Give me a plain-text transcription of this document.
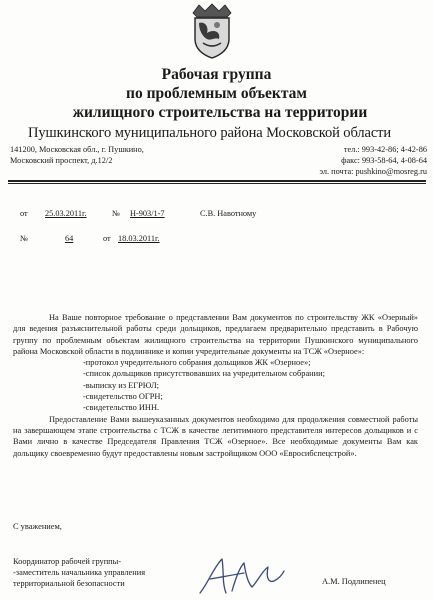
Рабочая группа
по проблемным объектам
жилищного строительства на территории
Пушкинского муниципального района Московской области
141200, Московская обл., г. Пушкино,
Московский проспект, д.12/2
тел.: 993-42-86; 4-42-86
факс: 993-58-64, 4-08-64
эл. почта: pushkino@mosreg.ru
от 25.03.2011г.	№ Н-903/1-7	С.В. Навотному
№	64	от 18.03.2011г.

На Ваше повторное требование о представлении Вам документов по строительству ЖК «Озерный» для ведения разъяснительной работы среди дольщиков, предлагаем предварительно представить в Рабочую группу по проблемным объектам жилищного строительства на территории Пушкинского муниципального района Московской области в подлиннике и копии учредительные документы на ТСЖ «Озерное»:

-протокол учредительного собрания дольщиков ЖК «Озерное»;
-список дольщиков присутствовавших на учредительном собрании;
-выписку из ЕГРЮЛ;
-свидетельство ОГРН;
-свидетельство ИНН.

Предоставление Вами вышеуказанных документов необходимо для продолжения совместной работы на завершающем этапе строительства с ТСЖ в качестве легитимного представителя интересов дольщиков и с Вами лично в качестве Председателя Правления ТСЖ «Озерное». Все необходимые документы Вам как дольщику своевременно будут предоставлены новым застройщиком ООО «Евросибспецстрой».

С уважением,
Координатор рабочей группы-
-заместитель начальника управления
территориальной безопасности	А.М. Подлипенец
